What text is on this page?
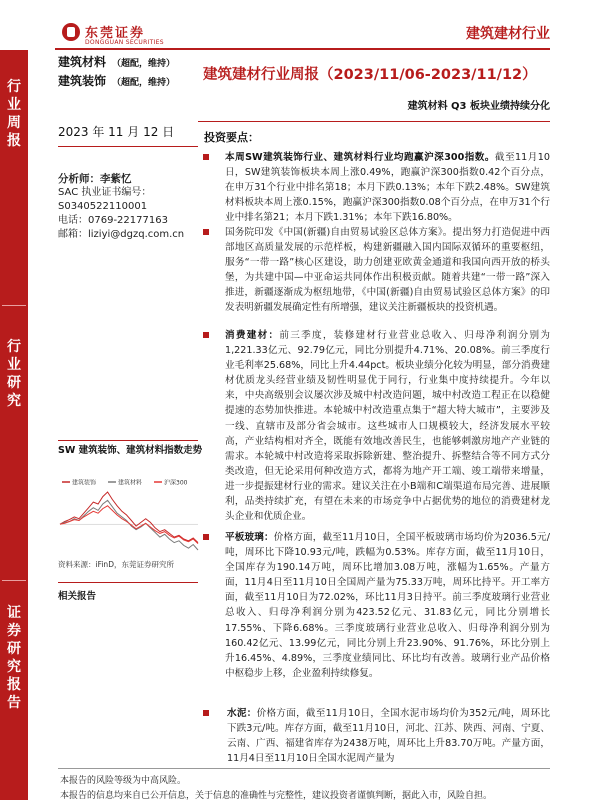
东莞证券
DONGGUAN SECURITIES
建筑建材行业
行
业
周
报
行
业
研
究
证
券
研
究
报
告
建筑材料 （超配，维持）
建筑装饰 （超配，维持）
2023 年 11 月 12 日
分析师：李紫忆
SAC 执业证书编号：
S0340522110001
电话：0769-22177163
邮箱：liziyi@dgzq.com.cn
SW 建筑装饰、建筑材料指数走势
建筑装饰	建筑材料	沪深300
资料来源：iFinD，东莞证券研究所
相关报告
建筑建材行业周报（2023/11/06-2023/11/12）
建筑材料 Q3 板块业绩持续分化
投资要点：
本周SW建筑装饰行业、建筑材料行业均跑赢沪深300指数。截至11月10日，SW建筑装饰板块本周上涨0.49%，跑赢沪深300指数0.42个百分点，在申万31个行业中排名第18；本月下跌0.13%；本年下跌2.48%。SW建筑材料板块本周上涨0.15%，跑赢沪深300指数0.08个百分点，在申万31个行业中排名第21；本月下跌1.31%；本年下跌16.80%。
国务院印发《中国(新疆)自由贸易试验区总体方案》。提出努力打造促进中西部地区高质量发展的示范样板，构建新疆融入国内国际双循环的重要枢纽，服务“一带一路”核心区建设，助力创建亚欧黄金通道和我国向西开放的桥头堡，为共建中国—中亚命运共同体作出积极贡献。随着共建“一带一路”深入推进，新疆逐渐成为枢纽地带，《中国(新疆)自由贸易试验区总体方案》的印发表明新疆发展确定性有所增强，建议关注新疆板块的投资机遇。
消费建材：前三季度，装修建材行业营业总收入、归母净利润分别为1,221.33亿元、92.79亿元，同比分别提升4.71%、20.08%。前三季度行业毛利率25.68%，同比上升4.44pct。板块业绩分化较为明显，部分消费建材优质龙头经营业绩及韧性明显优于同行，行业集中度持续提升。今年以来，中央高级别会议屡次涉及城中村改造问题，城中村改造工程正在以稳健提速的态势加快推进。本轮城中村改造重点集于“超大特大城市”，主要涉及一线、直辖市及部分省会城市。这些城市人口规模较大，经济发展水平较高，产业结构相对齐全，既能有效地改善民生，也能够刺激房地产产业链的需求。本轮城中村改造将采取拆除新建、整治提升、拆整结合等不同方式分类改造，但无论采用何种改造方式，都将为地产开工端、竣工端带来增量，进一步提振建材行业的需求。建议关注在小B端和C端渠道布局完善、进展顺利，品类持续扩充，有望在未来的市场竞争中占据优势的地位的消费建材龙头企业和优质企业。
平板玻璃：价格方面，截至11月10日，全国平板玻璃市场均价为2036.5元/吨，周环比下降10.93元/吨，跌幅为0.53%。库存方面，截至11月10日，全国库存为190.14万吨，周环比增加3.08万吨，涨幅为1.65%。产量方面，11月4日至11月10日全国周产量为75.33万吨，周环比持平。开工率方面，截至11月10日为72.02%，环比11月3日持平。前三季度玻璃行业营业总收入、归母净利润分别为423.52亿元、31.83亿元，同比分别增长17.55%、下降6.68%。三季度玻璃行业营业总收入、归母净利润分别为160.42亿元、13.99亿元，同比分别上升23.90%、91.76%，环比分别上升16.45%、4.89%，三季度业绩同比、环比均有改善。玻璃行业产品价格中枢稳步上移，企业盈利持续修复。
水泥：价格方面，截至11月10日，全国水泥市场均价为352元/吨，周环比下跌3元/吨。库存方面，截至11月10日，河北、江苏、陕西、河南、宁夏、云南、广西、福建省库存为2438万吨，周环比上升83.70万吨。产量方面，11月4日至11月10日全国水泥周产量为
本报告的风险等级为中高风险。
本报告的信息均来自已公开信息，关于信息的准确性与完整性，建议投资者谨慎判断，据此入市，风险自担。
